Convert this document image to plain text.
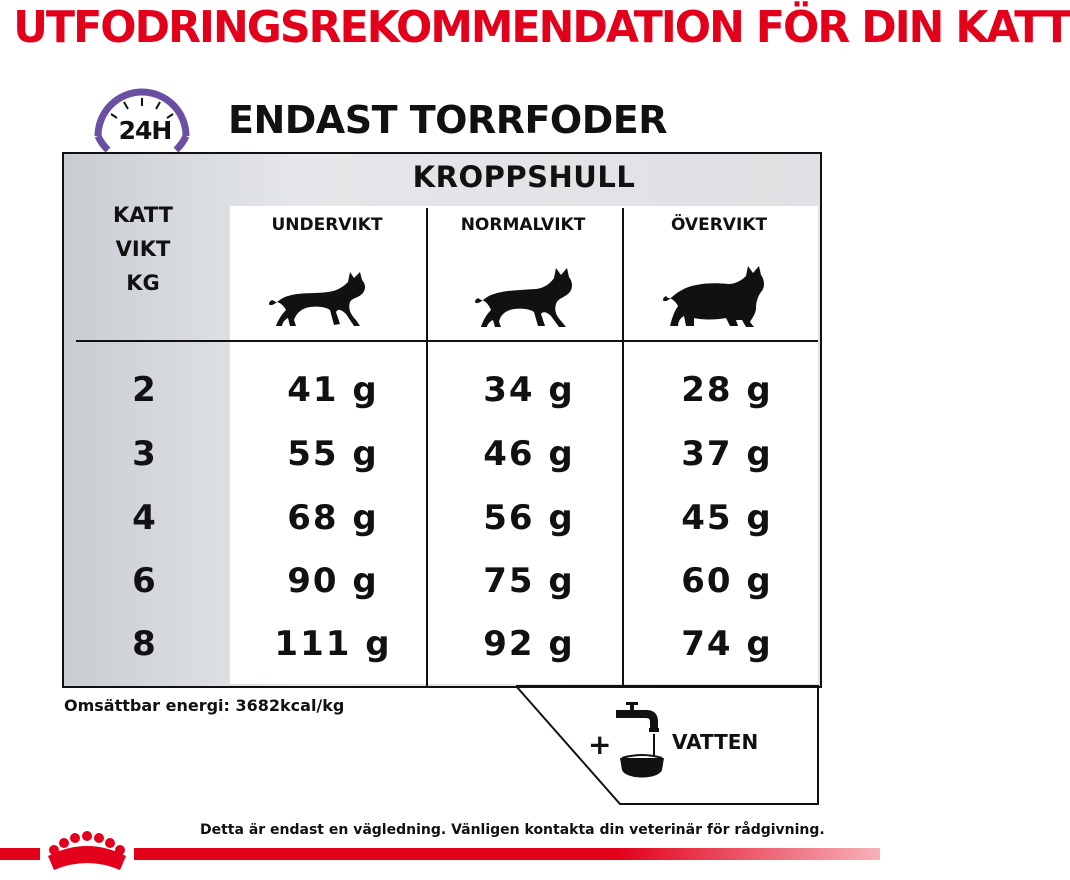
UTFODRINGSREKOMMENDATION FÖR DIN KATT
24H	ENDAST TORRFODER
KROPPSHULL
KATT
VIKT
KG
UNDERVIKT	NORMALVIKT	ÖVERVIKT
2	41 g	34 g	28 g
3	55 g	46 g	37 g
4	68 g	56 g	45 g
6	90 g	75 g	60 g
8	111 g	92 g	74 g
Omsättbar energi: 3682kcal/kg
+	VATTEN
Detta är endast en vägledning. Vänligen kontakta din veterinär för rådgivning.
